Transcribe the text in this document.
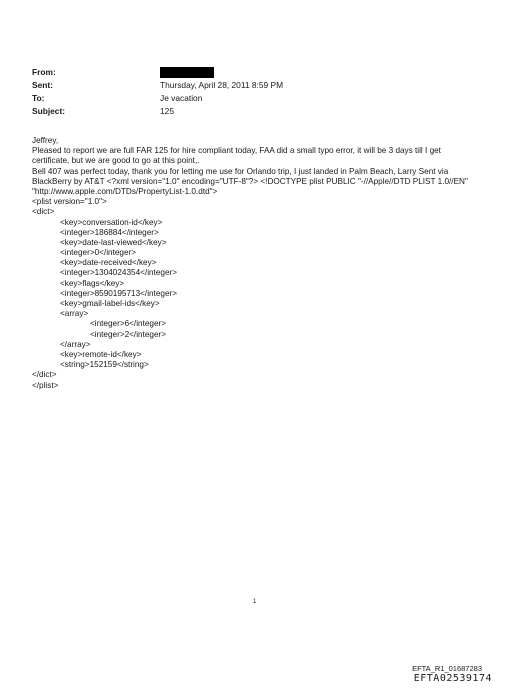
From:
Sent:	Thursday, April 28, 2011 8:59 PM
To:	Je vacation
Subject:	125
Jeffrey,
Pleased to report we are full FAR 125 for hire compliant today, FAA did a small typo error, it will be 3 days till I get
certificate, but we are good to go at this point,.
Bell 407 was perfect today, thank you for letting me use for Orlando trip, I just landed in Palm Beach, Larry Sent via
BlackBerry by AT&T <?xml version="1.0" encoding="UTF-8"?> <!DOCTYPE plist PUBLIC "-//Apple//DTD PLIST 1.0//EN"
"http://www.apple.com/DTDs/PropertyList-1.0.dtd">
<plist version="1.0">
<dict>
<key>conversation-id</key>
<integer>186884</integer>
<key>date-last-viewed</key>
<integer>0</integer>
<key>date-received</key>
<integer>1304024354</integer>
<key>flags</key>
<integer>8590195713</integer>
<key>gmail-label-ids</key>
<array>
<integer>6</integer>
<integer>2</integer>
</array>
<key>remote-id</key>
<string>152159</string>
</dict>
</plist>
1
EFTA_R1_01687283
EFTA02539174
